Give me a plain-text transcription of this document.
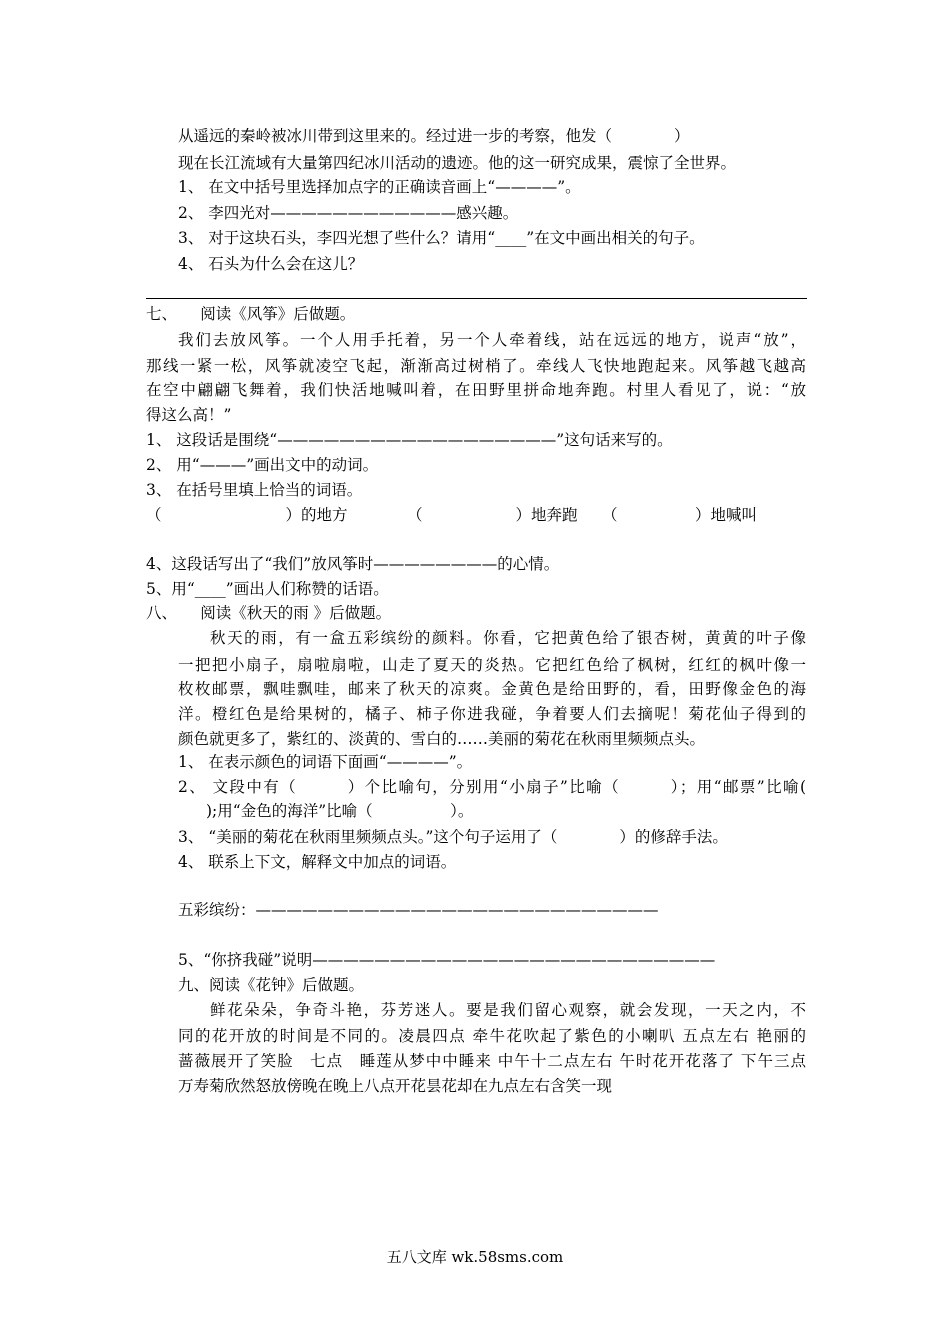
从遥远的秦岭被冰川带到这里来的。经过进一步的考察，他发（　　　　）
现在长江流域有大量第四纪冰川活动的遗迹。他的这一研究成果，震惊了全世界。
1、 在文中括号里选择加点字的正确读音画上“————”。
2、 李四光对————————————感兴趣。
3、 对于这块石头，李四光想了些什么？请用“____”在文中画出相关的句子。
4、 石头为什么会在这儿？
七、　　阅读《风筝》后做题。
我们去放风筝。一个人用手托着，另一个人牵着线，站在远远的地方，说声“放”，
那线一紧一松，风筝就凌空飞起，渐渐高过树梢了。牵线人飞快地跑起来。风筝越飞越高
在空中翩翩飞舞着，我们快活地喊叫着，在田野里拼命地奔跑。村里人看见了，说：“放
得这么高！”
1、 这段话是围绕“——————————————————”这句话来写的。
2、 用“———”画出文中的动词。
3、 在括号里填上恰当的词语。
（　　　　　　　　）的地方	（　　　　　　）地奔跑 （　　　　　）地喊叫
4、这段话写出了“我们”放风筝时————————的心情。
5、用“____”画出人们称赞的话语。
八、　　阅读《秋天的雨 》后做题。
秋天的雨，有一盒五彩缤纷的颜料。你看，它把黄色给了银杏树，黄黄的叶子像
一把把小扇子，扇啦扇啦，山走了夏天的炎热。它把红色给了枫树，红红的枫叶像一
枚枚邮票，飘哇飘哇，邮来了秋天的凉爽。金黄色是给田野的，看，田野像金色的海
洋。橙红色是给果树的，橘子、柿子你进我碰，争着要人们去摘呢！菊花仙子得到的
颜色就更多了，紫红的、淡黄的、雪白的……美丽的菊花在秋雨里频频点头。
1、 在表示颜色的词语下面画“————”。
2、 文段中有（　　　）个比喻句，分别用“小扇子”比喻（　　　）；用“邮票”比喻(
);用“金色的海洋”比喻（　　　　　）。
3、 “美丽的菊花在秋雨里频频点头。”这个句子运用了（　　　　）的修辞手法。
4、 联系上下文，解释文中加点的词语。
五彩缤纷：——————————————————————————
5、“你挤我碰”说明——————————————————————————
九、阅读《花钟》后做题。
鲜花朵朵，争奇斗艳，芬芳迷人。要是我们留心观察，就会发现，一天之内，不
同的花开放的时间是不同的。凌晨四点 牵牛花吹起了紫色的小喇叭 五点左右 艳丽的
蔷薇展开了笑脸　七点　睡莲从梦中中睡来 中午十二点左右 午时花开花落了 下午三点
万寿菊欣然怒放傍晚在晚上八点开花昙花却在九点左右含笑一现
五八文库 wk.58sms.com
